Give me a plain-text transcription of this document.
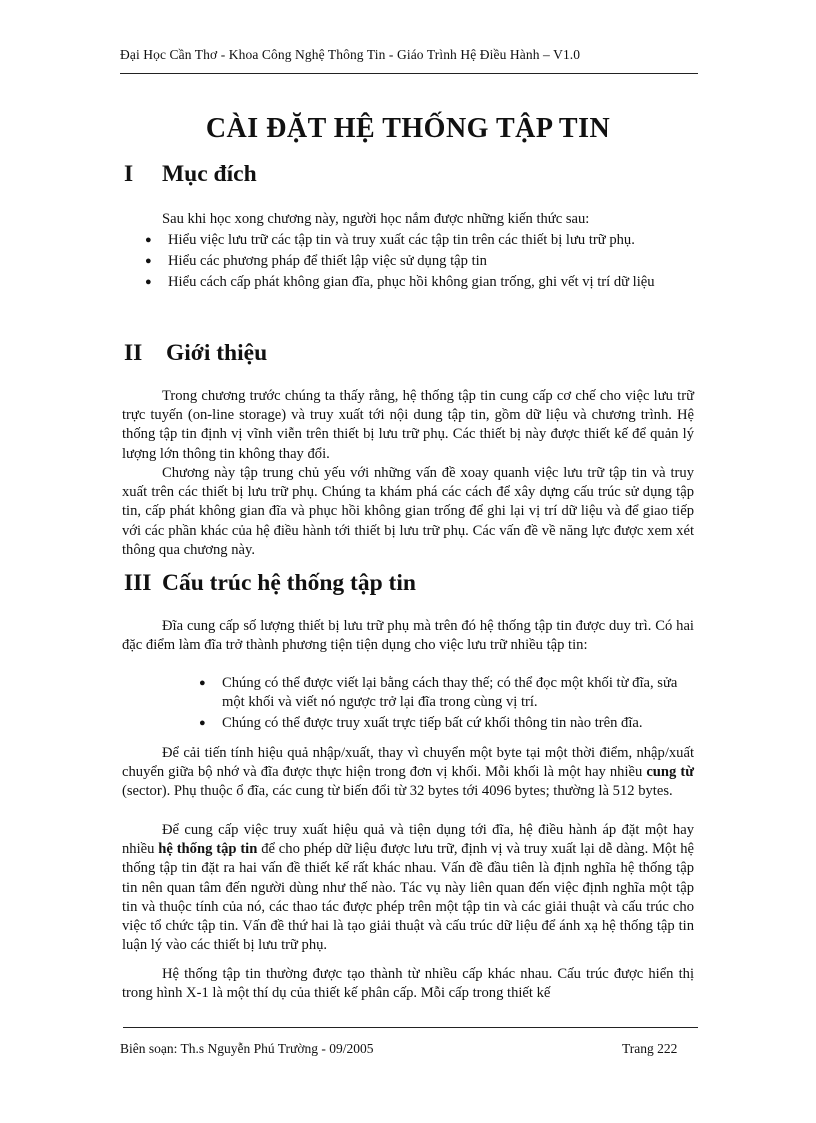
Đại Học Cần Thơ - Khoa Công Nghệ Thông Tin - Giáo Trình Hệ Điều Hành – V1.0
CÀI ĐẶT HỆ THỐNG TẬP TIN
I Mục đích

Sau khi học xong chương này, người học nắm được những kiến thức sau:

● Hiểu việc lưu trữ các tập tin và truy xuất các tập tin trên các thiết bị lưu trữ phụ.
● Hiểu các phương pháp để thiết lập việc sử dụng tập tin
● Hiểu cách cấp phát không gian đĩa, phục hồi không gian trống, ghi vết vị trí dữ liệu
II Giới thiệu

Trong chương trước chúng ta thấy rằng, hệ thống tập tin cung cấp cơ chế cho việc lưu trữ trực tuyến (on-line storage) và truy xuất tới nội dung tập tin, gồm dữ liệu và chương trình. Hệ thống tập tin định vị vĩnh viễn trên thiết bị lưu trữ phụ. Các thiết bị này được thiết kế để quản lý lượng lớn thông tin không thay đổi.

Chương này tập trung chủ yếu với những vấn đề xoay quanh việc lưu trữ tập tin và truy xuất trên các thiết bị lưu trữ phụ. Chúng ta khám phá các cách để xây dựng cấu trúc sử dụng tập tin, cấp phát không gian đĩa và phục hồi không gian trống để ghi lại vị trí dữ liệu và để giao tiếp với các phần khác của hệ điều hành tới thiết bị lưu trữ phụ. Các vấn đề về năng lực được xem xét thông qua chương này.

III Cấu trúc hệ thống tập tin

Đĩa cung cấp số lượng thiết bị lưu trữ phụ mà trên đó hệ thống tập tin được duy trì. Có hai đặc điểm làm đĩa trở thành phương tiện tiện dụng cho việc lưu trữ nhiều tập tin:

● Chúng có thể được viết lại bằng cách thay thế; có thể đọc một khối từ đĩa, sửa một khối và viết nó ngược trở lại đĩa trong cùng vị trí.
● Chúng có thể được truy xuất trực tiếp bất cứ khối thông tin nào trên đĩa.

Để cải tiến tính hiệu quả nhập/xuất, thay vì chuyển một byte tại một thời điểm, nhập/xuất chuyển giữa bộ nhớ và đĩa được thực hiện trong đơn vị khối. Mỗi khối là một hay nhiều cung từ (sector). Phụ thuộc ổ đĩa, các cung từ biến đổi từ 32 bytes tới 4096 bytes; thường là 512 bytes.

Để cung cấp việc truy xuất hiệu quả và tiện dụng tới đĩa, hệ điều hành áp đặt một hay nhiều hệ thống tập tin để cho phép dữ liệu được lưu trữ, định vị và truy xuất lại dễ dàng. Một hệ thống tập tin đặt ra hai vấn đề thiết kế rất khác nhau. Vấn đề đầu tiên là định nghĩa hệ thống tập tin nên quan tâm đến người dùng như thế nào. Tác vụ này liên quan đến việc định nghĩa một tập tin và thuộc tính của nó, các thao tác được phép trên một tập tin và các giải thuật và cấu trúc cho việc tổ chức tập tin. Vấn đề thứ hai là tạo giải thuật và cấu trúc dữ liệu để ánh xạ hệ thống tập tin luận lý vào các thiết bị lưu trữ phụ.

Hệ thống tập tin thường được tạo thành từ nhiều cấp khác nhau. Cấu trúc được hiển thị trong hình X-1 là một thí dụ của thiết kế phân cấp. Mỗi cấp trong thiết kế

Biên soạn: Th.s Nguyễn Phú Trường - 09/2005	Trang 222
